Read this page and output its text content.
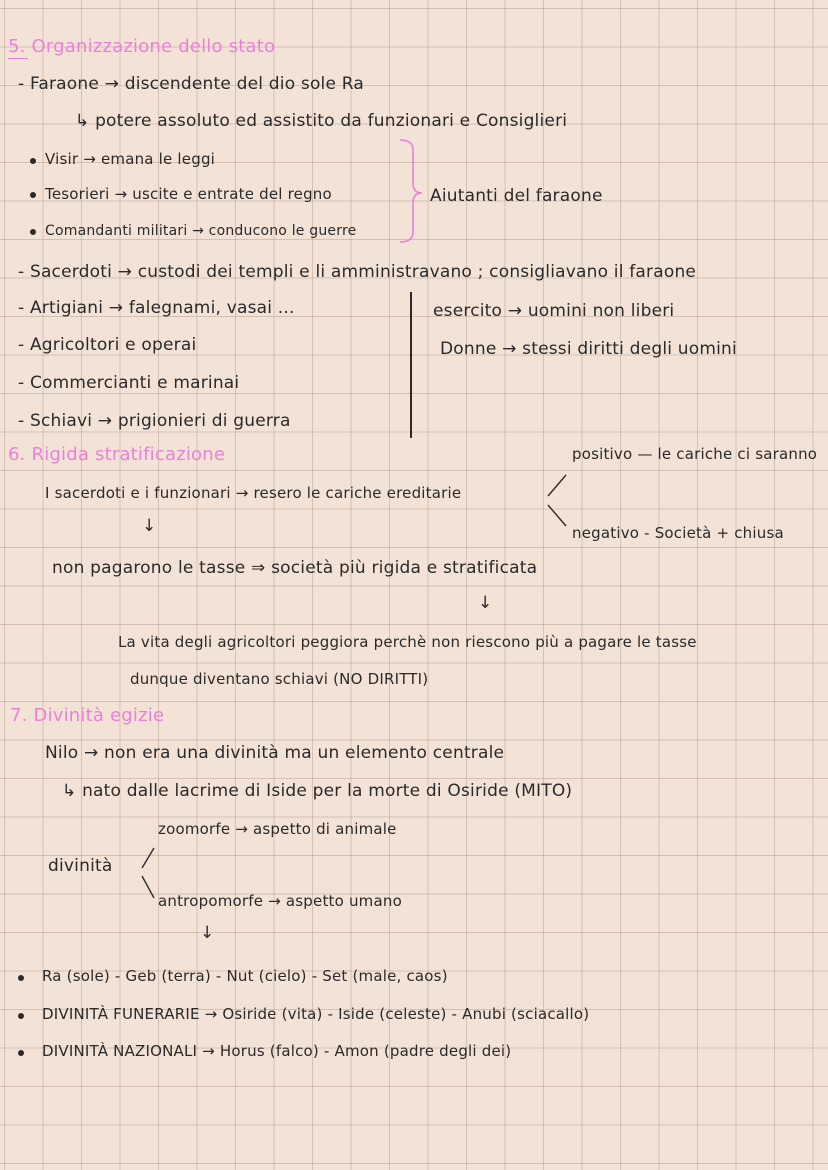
5. Organizzazione dello stato
- Faraone → discendente del dio sole Ra
↳ potere assoluto ed assistito da funzionari e Consiglieri
Visir → emana le leggi
Tesorieri → uscite e entrate del regno
Comandanti militari → conducono le guerre
Aiutanti del faraone
- Sacerdoti → custodi dei templi e li amministravano ; consigliavano il faraone
- Artigiani → falegnami, vasai ...
- Agricoltori e operai
- Commercianti e marinai
- Schiavi → prigionieri di guerra
esercito → uomini non liberi
Donne → stessi diritti degli uomini
6. Rigida stratificazione	positivo — le cariche ci saranno
I sacerdoti e i funzionari → resero le cariche ereditarie
negativo - Società + chiusa
↓
non pagarono le tasse ⇒ società più rigida e stratificata
↓
La vita degli agricoltori peggiora perchè non riescono più a pagare le tasse
dunque diventano schiavi (NO DIRITTI)
7. Divinità egizie
Nilo → non era una divinità ma un elemento centrale
↳ nato dalle lacrime di Iside per la morte di Osiride (MITO)
zoomorfe → aspetto di animale
divinità
antropomorfe → aspetto umano
↓
Ra (sole) - Geb (terra) - Nut (cielo) - Set (male, caos)
DIVINITÀ FUNERARIE → Osiride (vita) - Iside (celeste) - Anubi (sciacallo)
DIVINITÀ NAZIONALI → Horus (falco) - Amon (padre degli dei)
